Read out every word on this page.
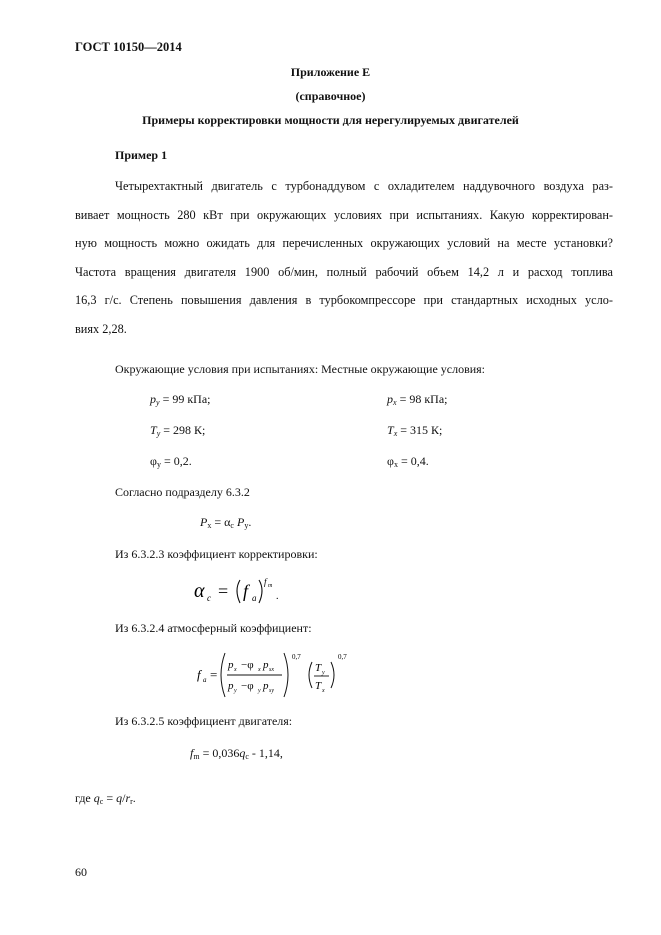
ГОСТ 10150—2014
Приложение Е
(справочное)
Примеры корректировки мощности для нерегулируемых двигателей
Пример 1
Четырехтактный двигатель с турбонаддувом с охладителем наддувочного воздуха раз-
вивает мощность 280 кВт при окружающих условиях при испытаниях. Какую корректирован-
ную мощность можно ожидать для перечисленных окружающих условий на месте установки?
Частота вращения двигателя 1900 об/мин, полный рабочий объем 14,2 л и расход топлива
16,3 г/с. Степень повышения давления в турбокомпрессоре при стандартных исходных усло-
виях 2,28.
Окружающие условия при испытаниях: Местные окружающие условия:
$p_y = 99$ кПа;
$T_y = 298$ К;
$\varphi_y = 0,2$.
$p_x = 98$ кПа;
$T_x = 315$ К;
$\varphi_x = 0,4$.
Согласно подразделу 6.3.2
$P_x = \alpha_c$ $P_y$.
Из 6.3.2.3 коэффициент корректировки:
α c = f a
f m
.
Из 6.3.2.4 атмосферный коэффициент:
f a =
p x −φ x p sx
p y −φ y p sy
0,7
T y
T x
0,7
Из 6.3.2.5 коэффициент двигателя:
$f_m = 0,036q_c - 1,14$,
где $q_c = q/r_r$.
60
